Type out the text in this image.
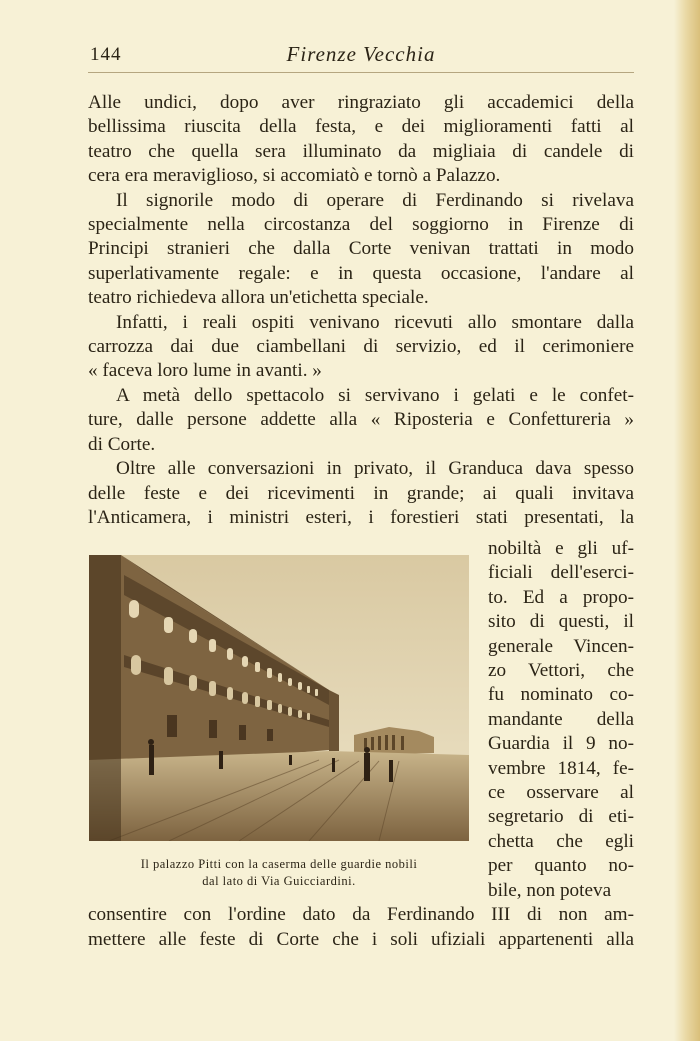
144	Firenze Vecchia
Alle undici, dopo aver ringraziato gli accademici della
bellissima riuscita della festa, e dei miglioramenti fatti al
teatro che quella sera illuminato da migliaia di candele di
cera era meraviglioso, si accomiatò e tornò a Palazzo.
Il signorile modo di operare di Ferdinando si rivelava
specialmente nella circostanza del soggiorno in Firenze di
Principi stranieri che dalla Corte venivan trattati in modo
superlativamente regale: e in questa occasione, l'andare al
teatro richiedeva allora un'etichetta speciale.
Infatti, i reali ospiti venivano ricevuti allo smontare dalla
carrozza dai due ciambellani di servizio, ed il cerimoniere
« faceva loro lume in avanti. »
A metà dello spettacolo si servivano i gelati e le confet-
ture, dalle persone addette alla « Riposteria e Confettureria »
di Corte.
Oltre alle conversazioni in privato, il Granduca dava spesso
delle feste e dei ricevimenti in grande; ai quali invitava
l'Anticamera, i ministri esteri, i forestieri stati presentati, la
Il palazzo Pitti con la caserma delle guardie nobili
dal lato di Via Guicciardini.
nobiltà e gli uf-
ficiali dell'eserci-
to. Ed a propo-
sito di questi, il
generale Vincen-
zo Vettori, che
fu nominato co-
mandante della
Guardia il 9 no-
vembre 1814, fe-
ce osservare al
segretario di eti-
chetta che egli
per quanto no-
bile, non poteva
consentire con l'ordine dato da Ferdinando III di non am-
mettere alle feste di Corte che i soli ufiziali appartenenti alla
